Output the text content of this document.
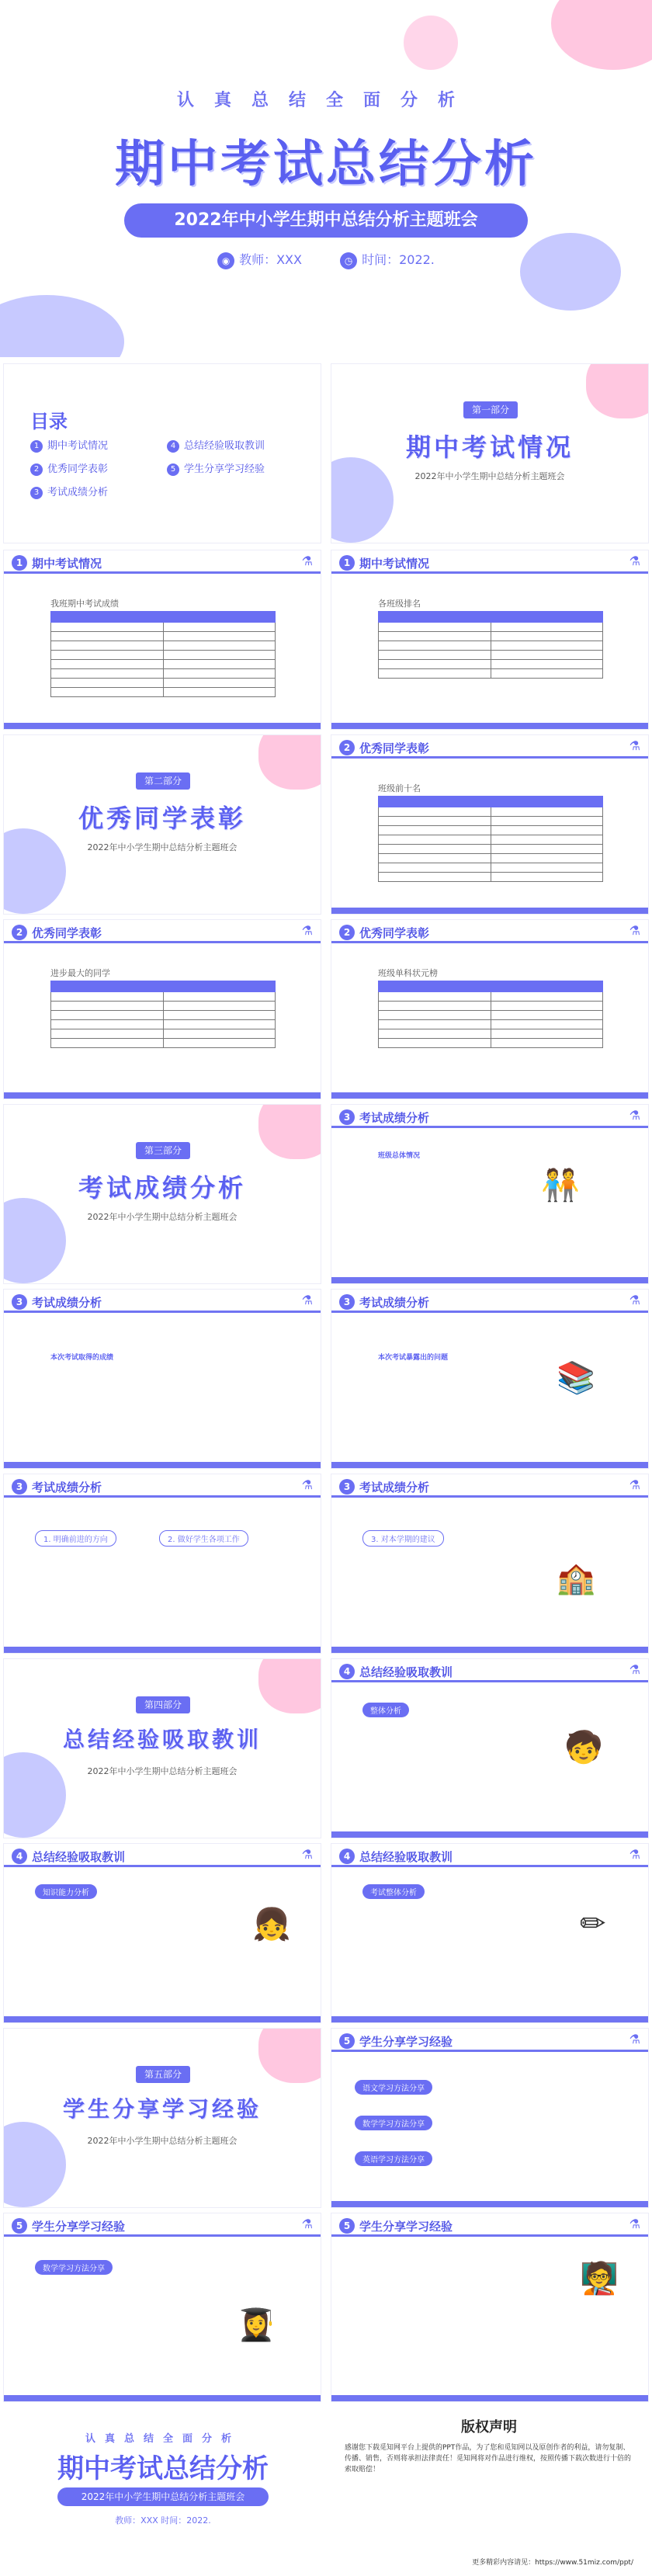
认真总结全面分析
期中考试总结分析
2022年中小学生期中总结分析主题班会
◉ 教师：XXX	◷ 时间：2022.
目录
1 期中考试情况
2 优秀同学表彰
3 考试成绩分析
4 总结经验吸取教训
5 学生分享学习经验
第一部分
期中考试情况
2022年中小学生期中总结分析主题班会
1 期中考试情况	⚗
我班期中考试成绩

1 期中考试情况	⚗
各班级排名

第二部分
优秀同学表彰
2022年中小学生期中总结分析主题班会
2 优秀同学表彰	⚗
班级前十名

2 优秀同学表彰	⚗
进步最大的同学

2 优秀同学表彰	⚗
班级单科状元榜

第三部分
考试成绩分析
2022年中小学生期中总结分析主题班会
3 考试成绩分析	⚗
班级总体情况
🧑‍🤝‍🧑
3 考试成绩分析	⚗
本次考试取得的成绩
3 考试成绩分析	⚗
本次考试暴露出的问题
📚
3 考试成绩分析	⚗
1. 明确前进的方向	2. 做好学生各项工作
3 考试成绩分析	⚗
3. 对本学期的建议
🏫
第四部分
总结经验吸取教训
2022年中小学生期中总结分析主题班会
4 总结经验吸取教训	⚗
整体分析
🧒
4 总结经验吸取教训	⚗
知识能力分析
👧
4 总结经验吸取教训	⚗
考试整体分析
✏
第五部分
学生分享学习经验
2022年中小学生期中总结分析主题班会
5 学生分享学习经验	⚗
语文学习方法分享
数学学习方法分享
英语学习方法分享
5 学生分享学习经验	⚗
数学学习方法分享
👩‍🎓
5 学生分享学习经验	⚗
🧑‍🏫
认真总结全面分析
期中考试总结分析
2022年中小学生期中总结分析主题班会
教师：XXX 时间：2022.
版权声明

感谢您下载觅知网平台上提供的PPT作品，为了您和觅知网以及原创作者的利益，请勿复制、传播、销售，否则将承担法律责任！觅知网将对作品进行维权，按照传播下载次数进行十倍的索取赔偿！

更多精彩内容请见：https://www.51miz.com/ppt/
